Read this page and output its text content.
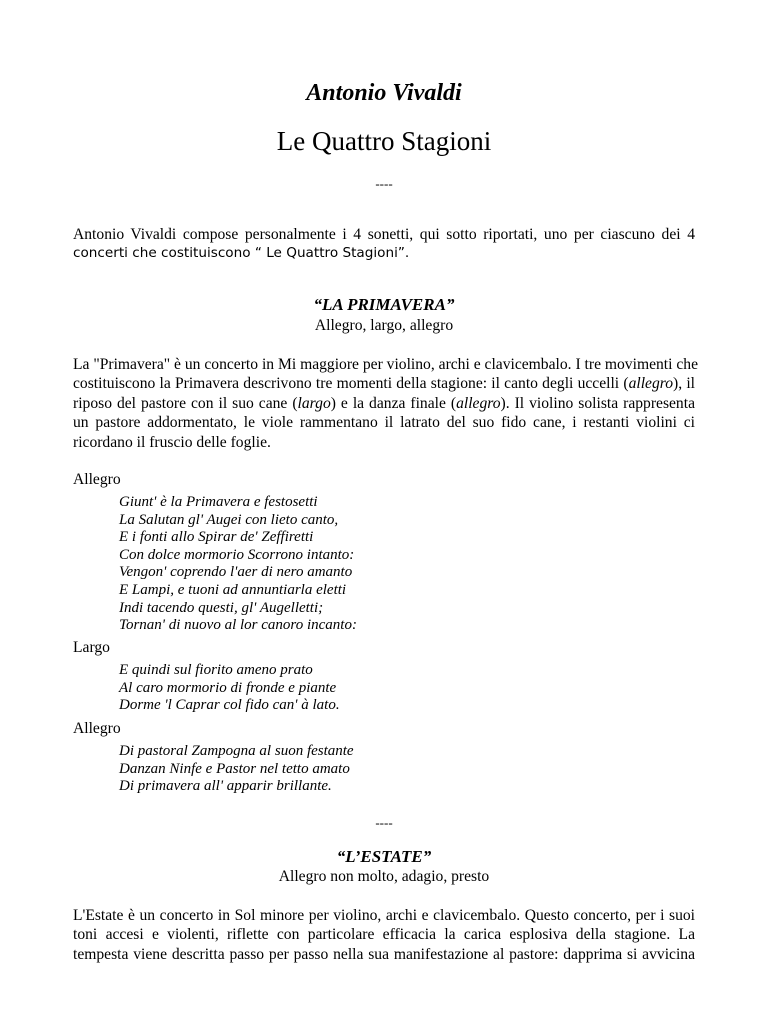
Antonio Vivaldi
Le Quattro Stagioni
----
Antonio Vivaldi compose personalmente i 4 sonetti, qui sotto riportati, uno per ciascuno dei 4
concerti che costituiscono “ Le Quattro Stagioni”.
“LA PRIMAVERA”
Allegro, largo, allegro
La "Primavera" è un concerto in Mi maggiore per violino, archi e clavicembalo. I tre movimenti che
costituiscono la Primavera descrivono tre momenti della stagione: il canto degli uccelli (allegro), il
riposo del pastore con il suo cane (largo) e la danza finale (allegro). Il violino solista rappresenta
un pastore addormentato, le viole rammentano il latrato del suo fido cane, i restanti violini ci
ricordano il fruscio delle foglie.
Allegro
Giunt' è la Primavera e festosetti
La Salutan gl' Augei con lieto canto,
E i fonti allo Spirar de' Zeffiretti
Con dolce mormorio Scorrono intanto:
Vengon' coprendo l'aer di nero amanto
E Lampi, e tuoni ad annuntiarla eletti
Indi tacendo questi, gl' Augelletti;
Tornan' di nuovo al lor canoro incanto:
Largo
E quindi sul fiorito ameno prato
Al caro mormorio di fronde e piante
Dorme 'l Caprar col fido can' à lato.
Allegro
Di pastoral Zampogna al suon festante
Danzan Ninfe e Pastor nel tetto amato
Di primavera all' apparir brillante.
----
“L’ESTATE”
Allegro non molto, adagio, presto
L'Estate è un concerto in Sol minore per violino, archi e clavicembalo. Questo concerto, per i suoi
toni accesi e violenti, riflette con particolare efficacia la carica esplosiva della stagione. La
tempesta viene descritta passo per passo nella sua manifestazione al pastore: dapprima si avvicina
